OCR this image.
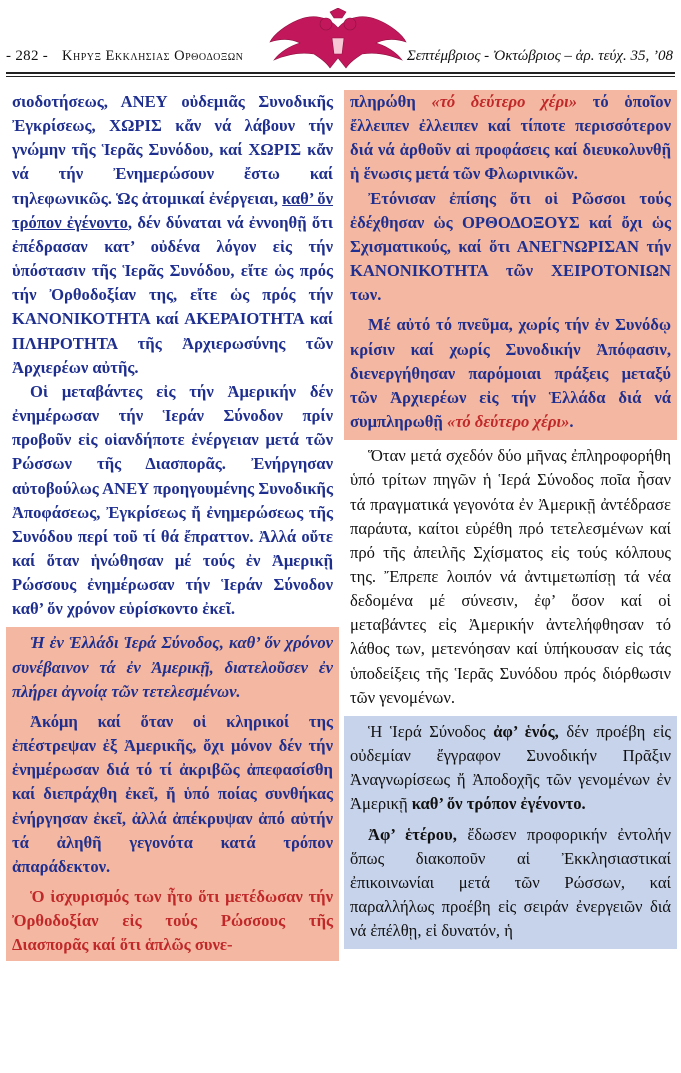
- 282 - Κηρυξ Εκκλησιας Ορθοδοξων	Σεπτέμβριος - Ὀκτώβριος – ἀρ. τεύχ. 35, ’08

σιοδοτήσεως, ΑΝΕΥ οὐδεμιᾶς Συνοδικῆς Ἐγκρίσεως, ΧΩΡΙΣ κἄν νά λάβουν τήν γνώμην τῆς Ἱερᾶς Συνόδου, καί ΧΩΡΙΣ κἄν νά τήν Ἐνημερώσουν ἔστω καί τηλεφωνικῶς. Ὡς ἀτομικαί ἐνέργειαι, καθ’ ὅν τρόπον ἐγένοντο, δέν δύναται νά ἐννοηθῇ ὅτι ἐπέδρασαν κατ’ οὐδένα λόγον εἰς τήν ὑπόστασιν τῆς Ἱερᾶς Συνόδου, εἴτε ὡς πρός τήν Ὀρθοδοξίαν της, εἴτε ὡς πρός τήν ΚΑΝΟΝΙΚΟΤΗΤΑ καί ΑΚΕΡΑΙΟΤΗΤΑ καί ΠΛΗΡΟΤΗΤΑ τῆς Ἀρχιερωσύνης τῶν Ἀρχιερέων αὐτῆς.

Οἱ μεταβάντες εἰς τήν Ἀμερικήν δέν ἐνημέρωσαν τήν Ἱεράν Σύνοδον πρίν προβοῦν εἰς οἱανδήποτε ἐνέργειαν μετά τῶν Ρώσσων τῆς Διασπορᾶς. Ἐνήργησαν αὐτοβούλως ΑΝΕΥ προηγουμένης Συνοδικῆς Ἀποφάσεως, Ἐγκρίσεως ἤ ἐνημερώσεως τῆς Συνόδου περί τοῦ τί θά ἔπραττον. Ἀλλά οὔτε καί ὅταν ἡνώθησαν μέ τούς ἐν Ἀμερικῇ Ρώσσους ἐνημέρωσαν τήν Ἱεράν Σύνοδον καθ’ ὅν χρόνον εὑρίσκοντο ἐκεῖ.

Ἡ ἐν Ἑλλάδι Ἱερά Σύνοδος, καθ’ ὅν χρόνον συνέβαινον τά ἐν Ἀμερικῇ, διατελοῦσεν ἐν πλήρει ἀγνοίᾳ τῶν τετελεσμένων.

Ἀκόμη καί ὅταν οἱ κληρικοί της ἐπέστρεψαν ἐξ Ἀμερικῆς, ὄχι μόνον δέν τήν ἐνημέρωσαν διά τό τί ἀκριβῶς ἀπεφασίσθη καί διεπράχθη ἐκεῖ, ἤ ὑπό ποίας συνθήκας ἐνήργησαν ἐκεῖ, ἀλλά ἀπέκρυψαν ἀπό αὐτήν τά ἀληθῆ γεγονότα κατά τρόπον ἀπαράδεκτον.

Ὁ ἰσχυρισμός των ἦτο ὅτι μετέδωσαν τήν Ὀρθοδοξίαν εἰς τούς Ρώσσους τῆς Διασπορᾶς καί ὅτι ἁπλῶς συνε-

πληρώθη «τό δεύτερο χέρι» τό ὁποῖον ἔλλειπεν ἐλλειπεν καί τίποτε περισσότερον διά νά ἀρθοῦν αἱ προφάσεις καί διευκολυνθῇ ἡ ἕνωσις μετά τῶν Φλωρινικῶν.

Ἐτόνισαν ἐπίσης ὅτι οἱ Ρῶσσοι τούς ἐδέχθησαν ὡς ΟΡΘΟΔΟΞΟΥΣ καί ὄχι ὡς Σχισματικούς, καί ὅτι ΑΝΕΓΝΩΡΙΣΑΝ τήν ΚΑΝΟΝΙΚΟΤΗΤΑ τῶν ΧΕΙΡΟΤΟΝΙΩΝ των.

Μέ αὐτό τό πνεῦμα, χωρίς τήν ἐν Συνόδῳ κρίσιν καί χωρίς Συνοδικήν Ἀπόφασιν, διενεργήθησαν παρόμοιαι πράξεις μεταξύ τῶν Ἀρχιερέων εἰς τήν Ἑλλάδα διά νά συμπληρωθῇ «τό δεύτερο χέρι».

Ὅταν μετά σχεδόν δύο μῆνας ἐπληροφορήθη ὑπό τρίτων πηγῶν ἡ Ἱερά Σύνοδος ποῖα ἦσαν τά πραγματικά γεγονότα ἐν Ἀμερικῇ ἀντέδρασε παράυτα, καίτοι εὑρέθη πρό τετελεσμένων καί πρό τῆς ἀπειλῆς Σχίσματος εἰς τούς κόλπους της. Ἔπρεπε λοιπόν νά ἀντιμετωπίσῃ τά νέα δεδομένα μέ σύνεσιν, ἐφ’ ὅσον καί οἱ μεταβάντες εἰς Ἀμερικήν ἀντελήφθησαν τό λάθος των, μετενόησαν καί ὑπήκουσαν εἰς τάς ὑποδείξεις τῆς Ἱερᾶς Συνόδου πρός διόρθωσιν τῶν γενομένων.

Ἡ Ἱερά Σύνοδος ἀφ’ ἑνός, δέν προέβη εἰς οὐδεμίαν ἔγγραφον Συνοδικήν Πρᾶξιν Ἀναγνωρίσεως ἤ Ἀποδοχῆς τῶν γενομένων ἐν Ἀμερικῇ καθ’ ὅν τρόπον ἐγένοντο.

Ἀφ’ ἑτέρου, ἔδωσεν προφορικήν ἐντολήν ὅπως διακοποῦν αἱ Ἐκκλησιαστικαί ἐπικοινωνίαι μετά τῶν Ρώσσων, καί παραλλήλως προέβη εἰς σειράν ἐνεργειῶν διά νά ἐπέλθῃ, εἰ δυνατόν, ἡ
